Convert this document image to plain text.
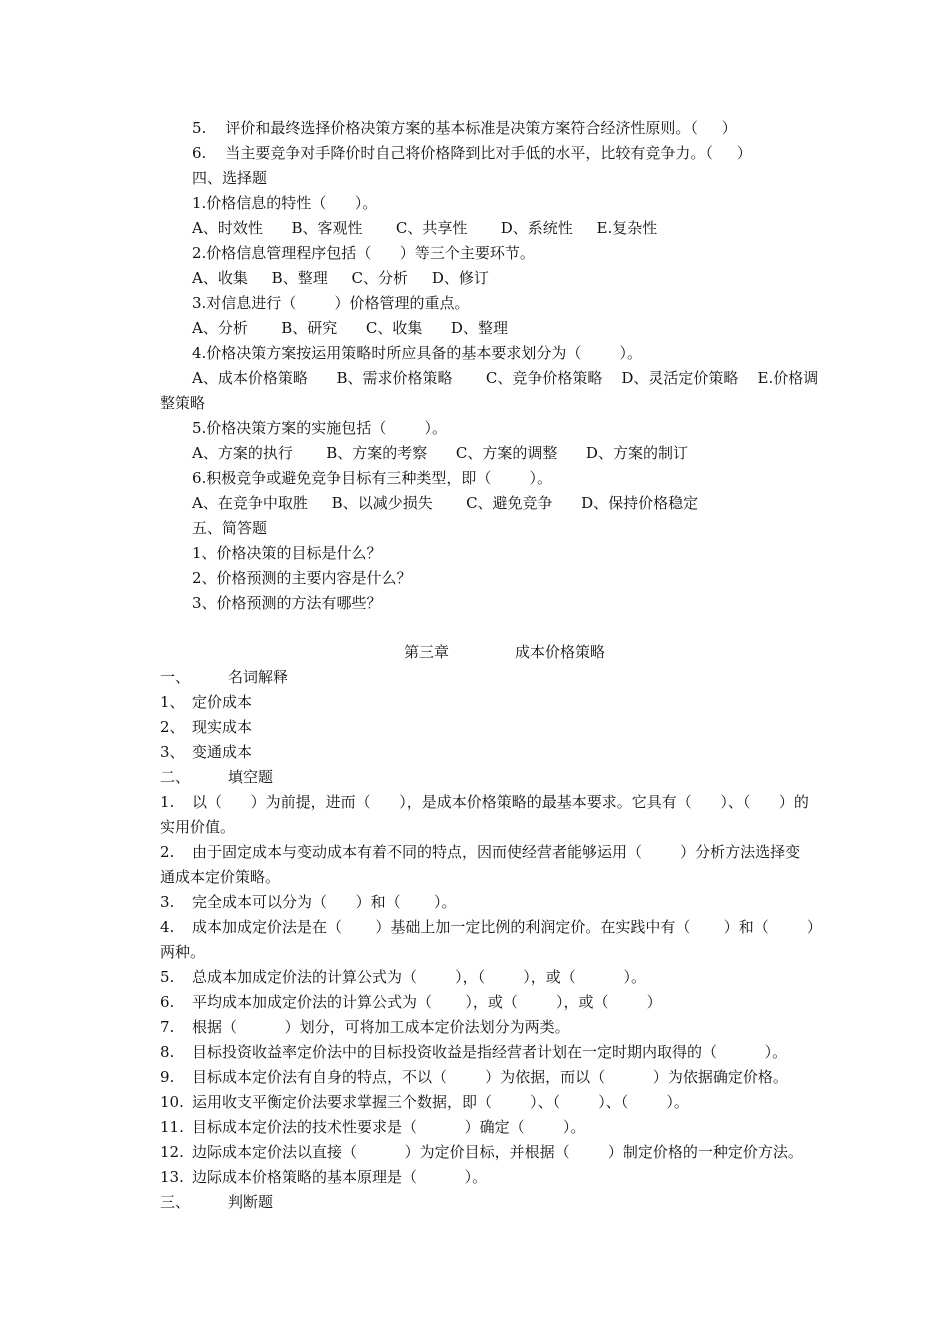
5.    评价和最终选择价格决策方案的基本标准是决策方案符合经济性原则。（     ）
6.    当主要竞争对手降价时自己将价格降到比对手低的水平，比较有竞争力。（     ）
四、选择题
1.价格信息的特性（      ）。
A、时效性      B、客观性       C、共享性       D、系统性     E.复杂性
2.价格信息管理程序包括（      ）等三个主要环节。
A、收集     B、整理     C、分析     D、修订
3.对信息进行（        ）价格管理的重点。
A、分析       B、研究      C、收集      D、整理
4.价格决策方案按运用策略时所应具备的基本要求划分为（        ）。
A、成本价格策略      B、需求价格策略       C、竞争价格策略    D、灵活定价策略    E.价格调
整策略
5.价格决策方案的实施包括（        ）。
A、方案的执行       B、方案的考察      C、方案的调整      D、方案的制订
6.积极竞争或避免竞争目标有三种类型，即（        ）。
A、在竞争中取胜     B、以减少损失       C、避免竞争      D、保持价格稳定
五、简答题
1、价格决策的目标是什么？
2、价格预测的主要内容是什么？
3、价格预测的方法有哪些？
第三章	成本价格策略
一、	名词解释
1、 定价成本
2、 现实成本
3、 变通成本
二、	填空题
1. 以（      ）为前提，进而（      ），是成本价格策略的最基本要求。它具有（      ）、（      ）的
实用价值。
2. 由于固定成本与变动成本有着不同的特点，因而使经营者能够运用（        ）分析方法选择变
通成本定价策略。
3. 完全成本可以分为（      ）和（       ）。
4. 成本加成定价法是在（       ）基础上加一定比例的利润定价。在实践中有（       ）和（        ）
两种。
5. 总成本加成定价法的计算公式为（        ），（        ），或（          ）。
6. 平均成本加成定价法的计算公式为（       ），或（        ），或（        ）
7. 根据（          ）划分，可将加工成本定价法划分为两类。
8. 目标投资收益率定价法中的目标投资收益是指经营者计划在一定时期内取得的（          ）。
9. 目标成本定价法有自身的特点，不以（        ）为依据，而以（          ）为依据确定价格。
10. 运用收支平衡定价法要求掌握三个数据，即（        ）、（        ）、（        ）。
11. 目标成本定价法的技术性要求是（          ）确定（        ）。
12. 边际成本定价法以直接（          ）为定价目标，并根据（        ）制定价格的一种定价方法。
13. 边际成本价格策略的基本原理是（          ）。
三、	判断题
